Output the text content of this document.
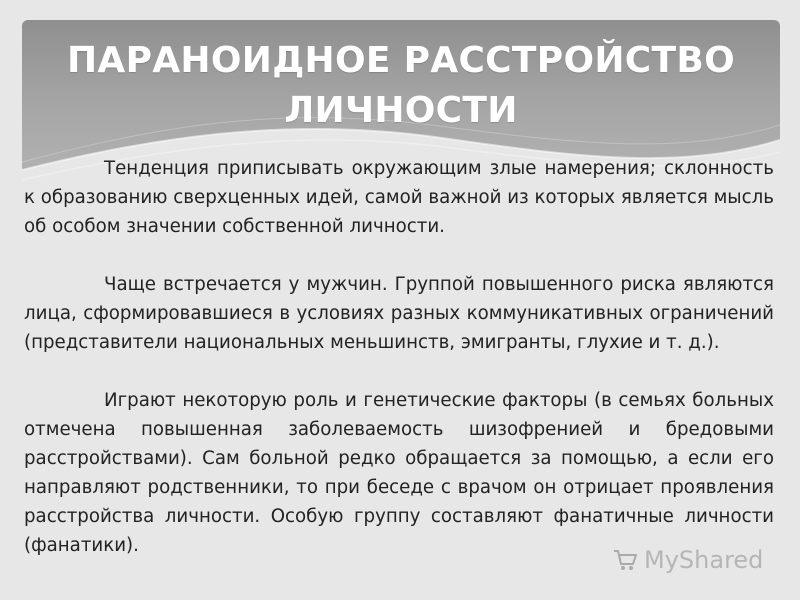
ПАРАНОИДНОЕ РАССТРОЙСТВО
ЛИЧНОСТИ

Тенденция приписывать окружающим злые намерения; склонность к образованию сверхценных идей, самой важной из которых является мысль об особом значении собственной личности.

Чаще встречается у мужчин. Группой повышенного риска являются лица, сформировавшиеся в условиях разных коммуникативных ограничений (представители национальных меньшинств, эмигранты, глухие и т. д.).

Играют некоторую роль и генетические факторы (в семьях больных отмечена повышенная заболеваемость шизофренией и бредовыми расстройствами). Сам больной редко обращается за помощью, а если его направляют родственники, то при беседе с врачом он отрицает проявления расстройства личности. Особую группу составляют фанатичные личности (фанатики).

MyShared
